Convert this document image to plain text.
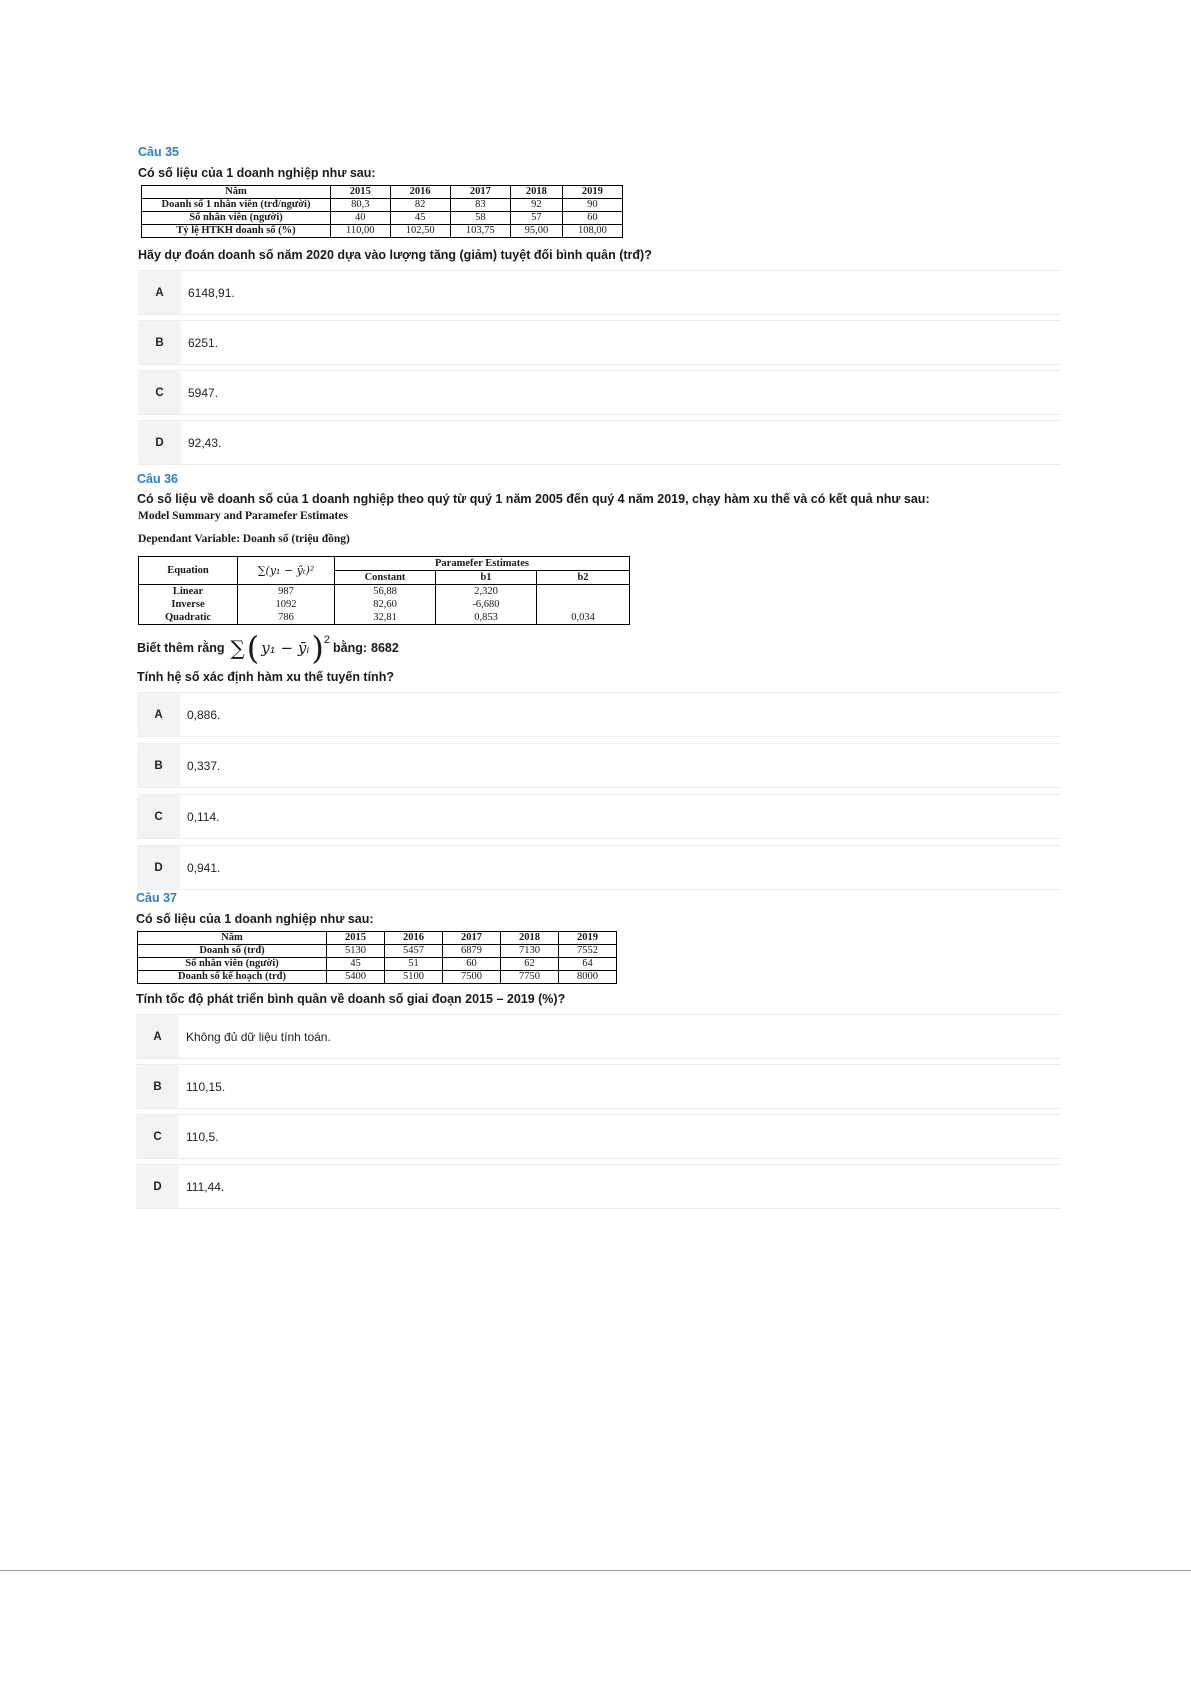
Câu 35
Có số liệu của 1 doanh nghiệp như sau:
Năm	2015	2016	2017	2018	2019
Doanh số 1 nhân viên (trđ/người)	80,3	82	83	92	90
Số nhân viên (người)	40	45	58	57	60
Tỷ lệ HTKH doanh số (%)	110,00	102,50	103,75	95,00	108,00
Hãy dự đoán doanh số năm 2020 dựa vào lượng tăng (giảm) tuyệt đối bình quân (trđ)?
A	6148,91.
B	6251.
C	5947.
D	92,43.
Câu 36
Có số liệu về doanh số của 1 doanh nghiệp theo quý từ quý 1 năm 2005 đến quý 4 năm 2019, chạy hàm xu thế và có kết quả như sau:
Model Summary and Paramefer Estimates
Dependant Variable: Doanh số (triệu đồng)
Equation	∑(y₁ − ŷₜ)²	Paramefer Estimates		
		Constant	b1	b2
Linear	987	56,88	2,320	
Inverse	1092	82,60	-6,680	
Quadratic	786	32,81	0,853	0,034
Biết thêm rằng ∑ ( y₁ − ȳᵢ ) 2
bằng: 8682
Tính hệ số xác định hàm xu thế tuyến tính?
A	0,886.
B	0,337.
C	0,114.
D	0,941.
Câu 37
Có số liệu của 1 doanh nghiệp như sau:
Năm	2015	2016	2017	2018	2019
Doanh số (trđ)	5130	5457	6879	7130	7552
Số nhân viên (người)	45	51	60	62	64
Doanh số kế hoạch (trđ)	5400	5100	7500	7750	8000
Tính tốc độ phát triển bình quân về doanh số giai đoạn 2015 – 2019 (%)?
A	Không đủ dữ liệu tính toán.
B	110,15.
C	110,5.
D	111,44.
